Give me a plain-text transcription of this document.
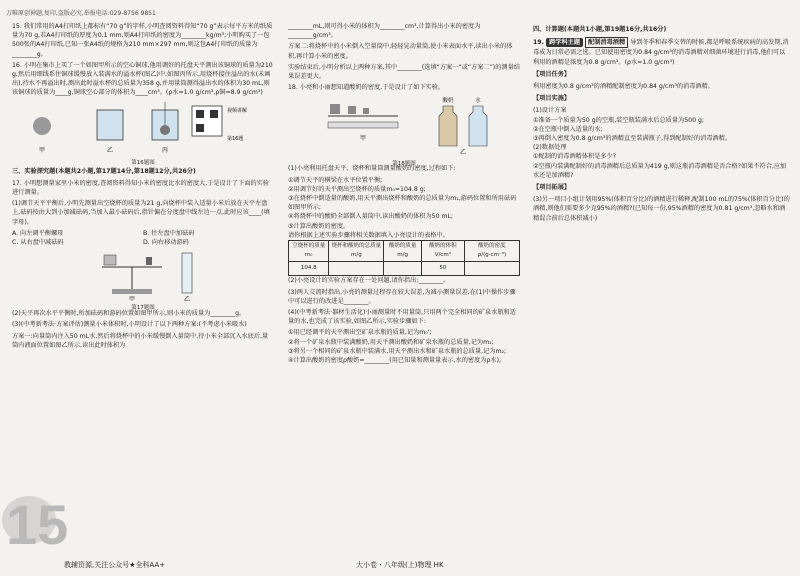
万唯原创神题,复印,盗版必究,举报电话:029-8756 9851
15. 我们常用的A4打印纸上都标有“70 g”的字样,小明查阅资料得知“70 g”表示每平方米的纸质量为70 g,若A4打印纸的厚度为0.1 mm,则A4打印纸的密度为________kg/m³;小明购买了一包500张的A4打印纸,已知一张A4纸的规格为210 mm×297 mm,则这包A4打印纸的质量为________g。
16. 小明在集市上买了一个如图甲所示的空心铜球,他用调好的托盘天平测出该铜球的质量为210 g,然后用细线系住铜球缓慢放入装满水的溢水杯(图乙)中,如图丙所示,用烧杯接住溢出的水(未画出),待水不再溢出时,测出此时溢水杯的总质量为358 g,并用量筒测得溢出水的体积为30 mL,则该铜球的质量为____g,铜球空心部分的体积为____cm³。(ρ水=1.0 g/cm³,ρ铜=8.9 g/cm³)
甲	乙	丙
视频讲解
第16题
第16题图
三、实验探究题(本题共2小题,第17题14分,第18题12分,共26分)
17. 小明想测量家里小米的密度,查阅资料得知小米的密度比水的密度大,于是设计了下面的实验进行测量。
(1)调节天平平衡后,小明先测量出空烧杯的质量为21 g,向烧杯中装入适量小米后放在天平左盘上,砝码按由大到小加减砝码,当加入最小砝码后,指针偏在分度盘中线左边一点,此时应该____(填字母)。
A. 向左调平衡螺母	B. 往左盘中加砝码
C. 从右盘中减砝码	D. 向右移动游码
甲	乙
第17题图
(2)天平再次水平平衡时,所加砝码和游码位置如图甲所示,则小米的质量为________g。
(3)(中考新考法·方案评估)测量小米体积时,小明设计了以下两种方案:(不考虑小米吸水)
方案一:向量筒内注入50 mL水,然后将烧杯中的小米缓慢倒入量筒中,待小米全部沉入水底后,量筒内液面位置如图乙所示,读出此时体积为
________mL,则可得小米的体积为________cm³,计算得出小米的密度为________g/cm³。
方案二:将烧杯中的小米倒入空量筒中,轻轻晃动量筒,使小米表面水平,读出小米的体积,再计算小米的密度。
实验结束后,小明分析以上两种方案,其中________(选填“方案一”或“方案二”)的测量结果误差更大。
18. 小亮和小丽想知道酸奶的密度,于是设计了如下实验。
酸奶	水
甲
乙
第18题图
(1)小亮利用托盘天平、烧杯和量筒测量酸奶的密度,过程如下:
①调节天平的横梁在水平位置平衡;
②用调节好的天平测出空烧杯的质量m₀=104.8 g;
③在烧杯中倒适量的酸奶,用天平测出烧杯和酸奶的总质量为m₁,游码位置和所用砝码如图甲所示;
④将烧杯中的酸奶全部倒入量筒中,读出酸奶的体积为50 mL;
⑤计算出酸奶的密度。
请你根据上述实验步骤将相关数据填入小亮设计的表格中。
空烧杯的质量m₀	烧杯和酸奶的总质量m/g	酸奶的质量m/g	酸奶的体积V/cm³	酸奶的密度ρ/(g·cm⁻³)
104.8			50	
(2)小亮设计的实验方案存在一处问题,请你指出:________。
(3)两人交流时指出,小亮的测量过程存在较大误差,为减小测量误差,在(1)中操作步骤中可以进行的改进是________。
(4)(中考新考法·器材生活化)小丽测量时不用量筒,只用两个完全相同的矿泉水瓶和适量的水,也完成了该实验,如图乙所示,实验步骤如下:
①用已经调平的天平测出空矿泉水瓶的质量,记为m₀';
②将一个矿泉水瓶中装满酸奶,用天平测出酸奶和矿泉水瓶的总质量,记为m₁;
③将另一个相同的矿泉水瓶中装满水,用天平测出水和矿泉水瓶的总质量,记为m₂;
④计算出酸奶的密度ρ酸奶=________(用已知量和测量量表示,水的密度为ρ水)。
四、计算题(本题共1小题,第19题16分,共16分)
19. 跨学科主题 配制消毒酒精 导到冬季和春季交替的时候,都是呼吸系统疾病的高发期,消毒成为日常必需之选。已知使用密度为0.84 g/cm³的消毒酒精对细菌环境进行消毒,他们可以利用的酒精是浓度为0.8 g/cm³。(ρ水=1.0 g/cm³)
【项目任务】
利用密度为0.8 g/cm³的酒精配制密度为0.84 g/cm³的消毒酒精。
【项目实施】
(1)设计方案
①准备一个质量为50 g的空瓶,装空瓶装满水后总质量为500 g;
②在空瓶中倒入适量的水;
③再倒入密度为0.8 g/cm³的酒精直至装满瓶子,得到配制好的消毒酒精。
(2)数据处理
①配制的消毒酒精体积是多少?
②空瓶内装满配制好的消毒酒精后总质量为419 g,则这瓶消毒酒精是否合格?如果不符合,应加水还是加酒精?
【项目拓展】
(3)另一项目小组计划用95%(体积百分比)的酒精进行稀释,配制100 mL的75%(体积百分比)的酒精,则他们需要多少克95%的酒精?(已知每一份,95%酒精的密度为0.81 g/cm³,忽略水和酒精混合前后总体积减小)
15
教辅资源,关注公众号★全科AA+	大小卷・八年级(上)物理 HK
